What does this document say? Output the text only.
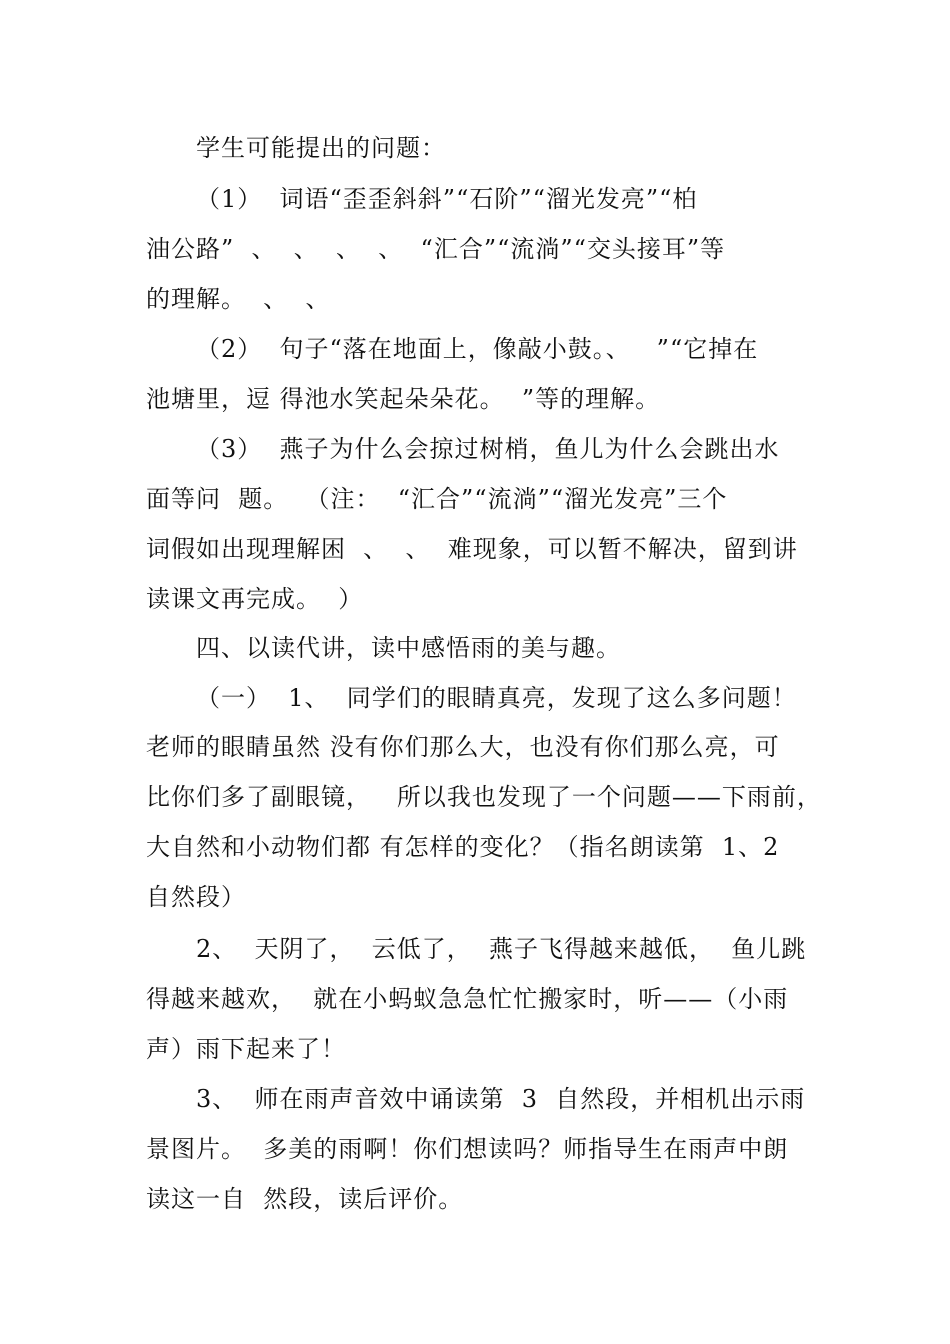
学生可能提出的问题：
（1）  词语“歪歪斜斜”“石阶”“溜光发亮”“柏
油公路”  、  、  、  、  “汇合”“流淌”“交头接耳”等
的理解。  、  、
（2）  句子“落在地面上，像敲小鼓。、   ”“它掉在
池塘里，逗 得池水笑起朵朵花。  ”等的理解。
（3）  燕子为什么会掠过树梢，鱼儿为什么会跳出水
面等问  题。  （注：  “汇合”“流淌”“溜光发亮”三个
词假如出现理解困  、  、  难现象，可以暂不解决，留到讲
读课文再完成。  ）
四、以读代讲，读中感悟雨的美与趣。
（一）  1、  同学们的眼睛真亮，发现了这么多问题！
老师的眼睛虽然 没有你们那么大，也没有你们那么亮，可
比你们多了副眼镜，   所以我也发现了一个问题——下雨前，
大自然和小动物们都 有怎样的变化？（指名朗读第  1、2
自然段）
2、  天阴了，  云低了，  燕子飞得越来越低，  鱼儿跳
得越来越欢，  就在小蚂蚁急急忙忙搬家时，听——（小雨
声）雨下起来了！
3、  师在雨声音效中诵读第  3  自然段，并相机出示雨
景图片。  多美的雨啊！你们想读吗？师指导生在雨声中朗
读这一自  然段，读后评价。
